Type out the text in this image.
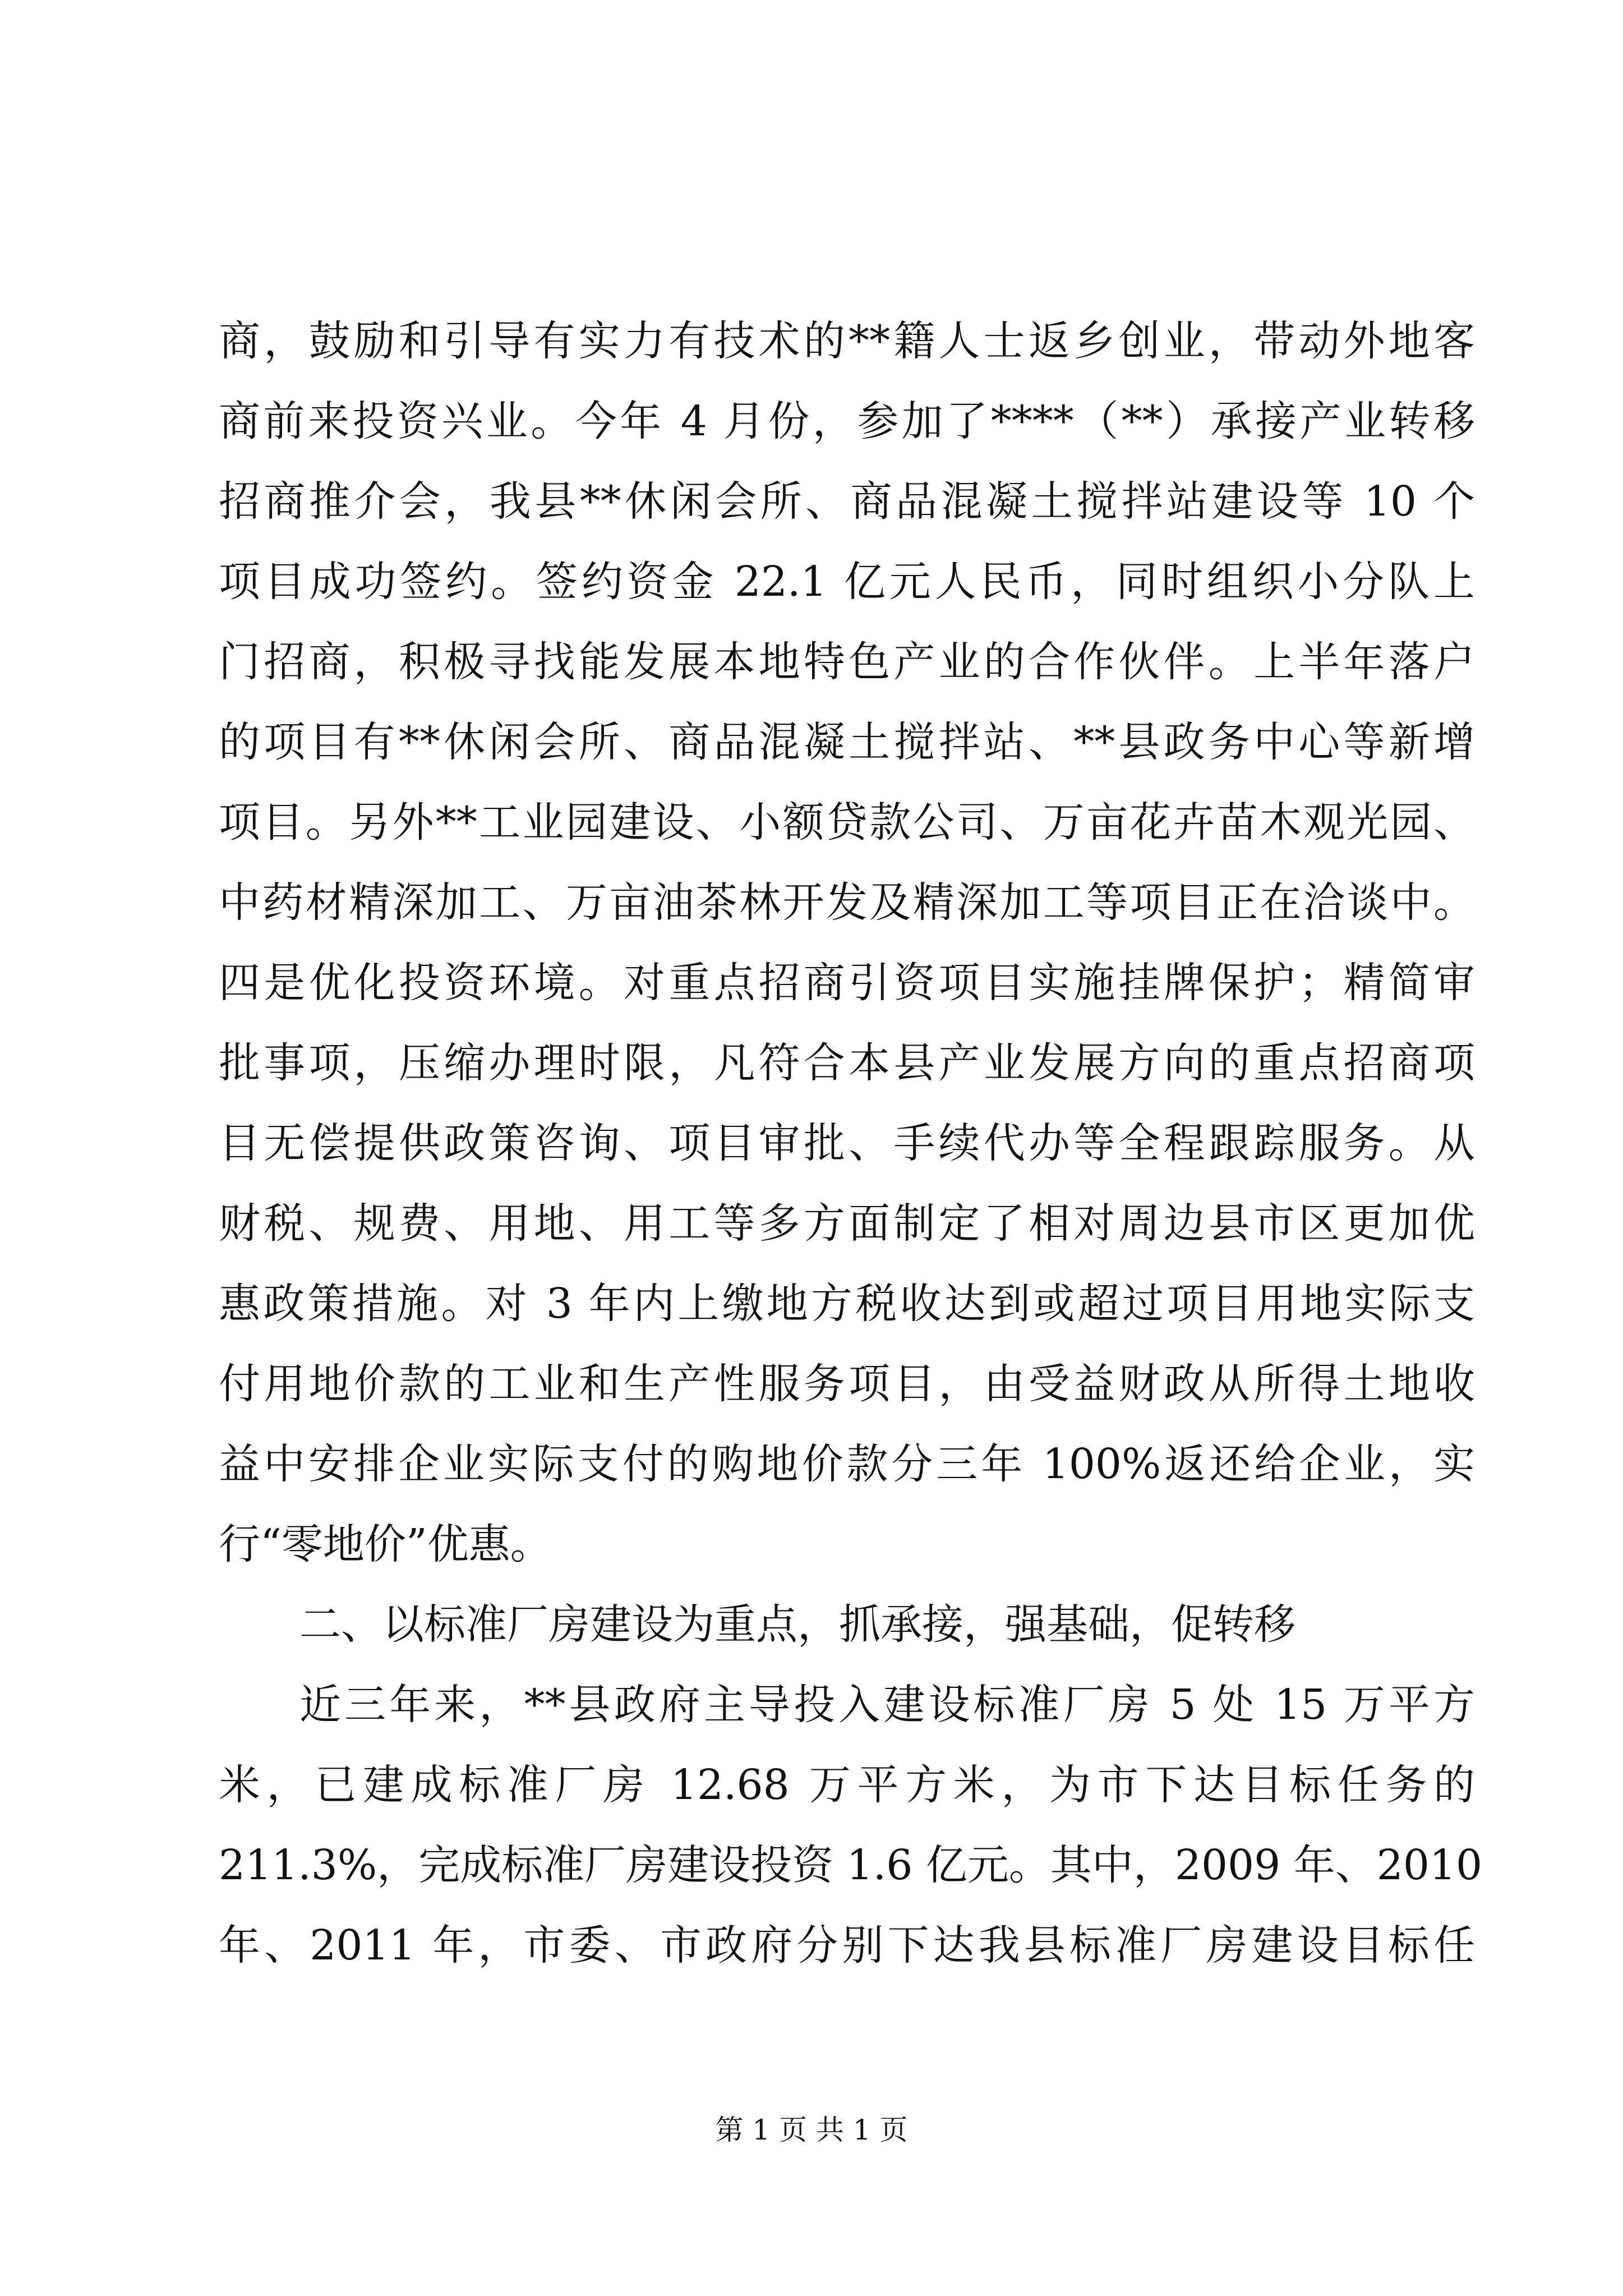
商，鼓励和引导有实力有技术的**籍人士返乡创业，带动外地客
商前来投资兴业。今年 4 月份，参加了****（**）承接产业转移
招商推介会，我县**休闲会所、商品混凝土搅拌站建设等 10 个
项目成功签约。签约资金 22.1 亿元人民币，同时组织小分队上
门招商，积极寻找能发展本地特色产业的合作伙伴。上半年落户
的项目有**休闲会所、商品混凝土搅拌站、**县政务中心等新增
项目。另外**工业园建设、小额贷款公司、万亩花卉苗木观光园、
中药材精深加工、万亩油茶林开发及精深加工等项目正在洽谈中。
四是优化投资环境。对重点招商引资项目实施挂牌保护；精简审
批事项，压缩办理时限，凡符合本县产业发展方向的重点招商项
目无偿提供政策咨询、项目审批、手续代办等全程跟踪服务。从
财税、规费、用地、用工等多方面制定了相对周边县市区更加优
惠政策措施。对 3 年内上缴地方税收达到或超过项目用地实际支
付用地价款的工业和生产性服务项目，由受益财政从所得土地收
益中安排企业实际支付的购地价款分三年 100%返还给企业，实
行“零地价”优惠。
二、以标准厂房建设为重点，抓承接，强基础，促转移
近三年来，**县政府主导投入建设标准厂房 5 处 15 万平方
米，已建成标准厂房 12.68 万平方米，为市下达目标任务的
211.3%，完成标准厂房建设投资 1.6 亿元。其中，2009 年、2010
年、2011 年，市委、市政府分别下达我县标准厂房建设目标任
第 1 页 共 1 页
